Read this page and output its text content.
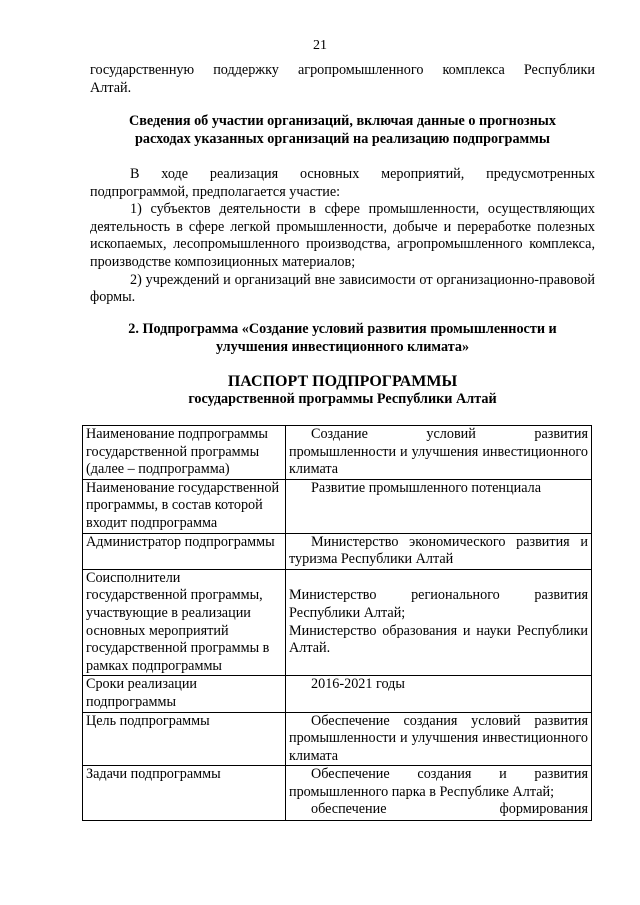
21
государственную поддержку агропромышленного комплекса Республики
Алтай.
Сведения об участии организаций, включая данные о прогнозных расходах указанных организаций на реализацию подпрограммы
В ходе реализация основных мероприятий, предусмотренных подпрограммой, предполагается участие:
1) субъектов деятельности в сфере промышленности, осуществляющих деятельность в сфере легкой промышленности, добыче и переработке полезных ископаемых, лесопромышленного производства, агропромышленного комплекса, производстве композиционных материалов;
2) учреждений и организаций вне зависимости от организационно-правовой формы.
2. Подпрограмма «Создание условий развития промышленности и улучшения инвестиционного климата»
ПАСПОРТ ПОДПРОГРАММЫ
государственной программы Республики Алтай
Наименование подпрограммы государственной программы (далее – подпрограмма)	Создание условий развития промышленности и улучшения инвестиционного климата
Наименование государственной программы, в состав которой входит подпрограмма	Развитие промышленного потенциала
Администратор подпрограммы	Министерство экономического развития и туризма Республики Алтай
Соисполнители государственной программы, участвующие в реализации основных мероприятий государственной программы в рамках подпрограммы	Министерство регионального развития Республики Алтай;
Министерство образования и науки Республики Алтай.

Сроки реализации подпрограммы	2016-2021 годы
Цель подпрограммы	Обеспечение создания условий развития промышленности и улучшения инвестиционного климата
Задачи подпрограммы	Обеспечение создания и развития промышленного парка в Республике Алтай;
обеспечение формирования
